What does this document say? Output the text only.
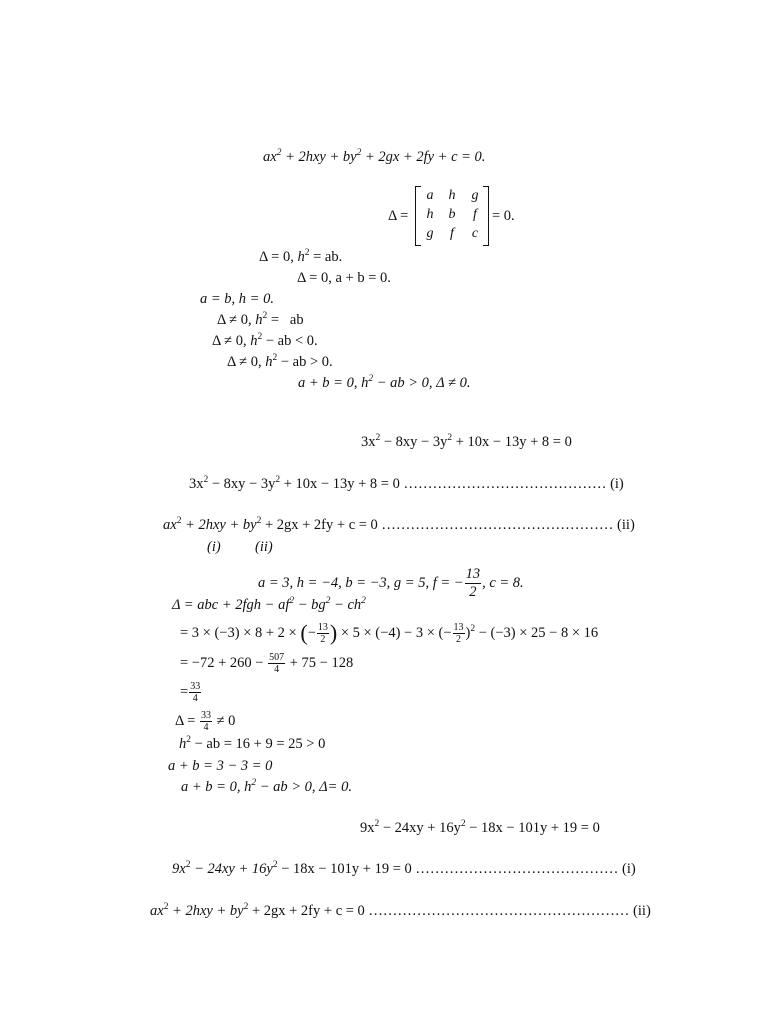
$ax^2 + 2hxy + by^2 + 2gx + 2fy + c = 0$.
Δ =
a	h	g
h	b	f
g	f	c
= 0.
Δ = 0, $h^2$ = ab.
Δ = 0, a + b = 0.
a = b, h = 0.
Δ ≠ 0, $h^2$ =   ab
Δ ≠ 0, $h^2$ − ab < 0.
Δ ≠ 0, $h^2$ − ab > 0.
a + b = 0, $h^2$ − ab > 0, Δ ≠ 0.
$3x^2 - 8xy - 3y^2 + 10x - 13y + 8 = 0$
$3x^2 - 8xy - 3y^2 + 10x - 13y + 8 = 0$ …………………………………… (i)
$ax^2 + 2hxy + by^2 + 2gx + 2fy + c = 0$ ………………………………………… (ii)
(i) (ii)
a = 3, h = −4, b = −3, g = 5, f = − $\frac{13}{2}$ , c = 8.
Δ = abc + $2fgh - af^2 - bg^2 - ch^2$
= 3 × (−3) × 8 + 2 × (− $\frac{13}{2}$ ) × 5 × (−4) − 3 × (− $\frac{13}{2} )^2 - (-3) \times 25 - 8 \times 16$
= $-72 + 260 - \frac{507}{4} + 75 - 128$
= $\frac{33}{4}$
$\Delta = \frac{33}{4} \ne 0$
$h^2$ − ab = 16 + 9 = 25 > 0
a + b = 3 − 3 = 0
a + b = 0, $h^2$ − ab > 0, Δ= 0.
$9x^2 - 24xy + 16y^2 - 18x - 101y + 19 = 0$
$9x^2 - 24xy + 16y^2 - 18x - 101y + 19 = 0$ …………………………………… (i)
$ax^2 + 2hxy + by^2 + 2gx + 2fy + c = 0$ ……………………………………………… (ii)
